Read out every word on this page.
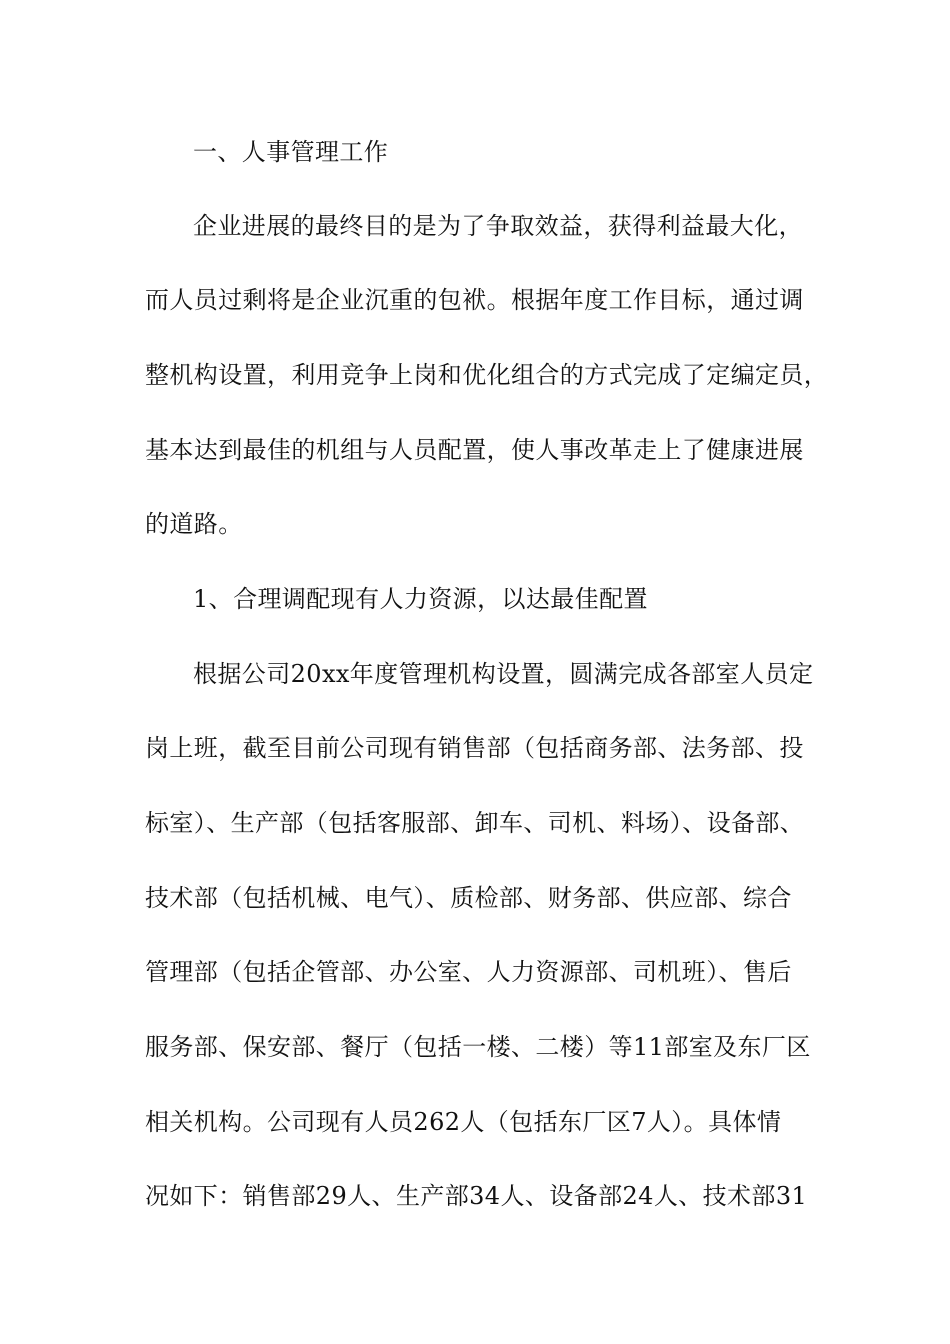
一、人事管理工作
企业进展的最终目的是为了争取效益，获得利益最大化，
而人员过剩将是企业沉重的包袱。根据年度工作目标，通过调
整机构设置，利用竞争上岗和优化组合的方式完成了定编定员，
基本达到最佳的机组与人员配置，使人事改革走上了健康进展
的道路。
1、合理调配现有人力资源，以达最佳配置
根据公司20xx年度管理机构设置，圆满完成各部室人员定
岗上班，截至目前公司现有销售部（包括商务部、法务部、投
标室）、生产部（包括客服部、卸车、司机、料场）、设备部、
技术部（包括机械、电气）、质检部、财务部、供应部、综合
管理部（包括企管部、办公室、人力资源部、司机班）、售后
服务部、保安部、餐厅（包括一楼、二楼）等11部室及东厂区
相关机构。公司现有人员262人（包括东厂区7人）。具体情
况如下：销售部29人、生产部34人、设备部24人、技术部31
